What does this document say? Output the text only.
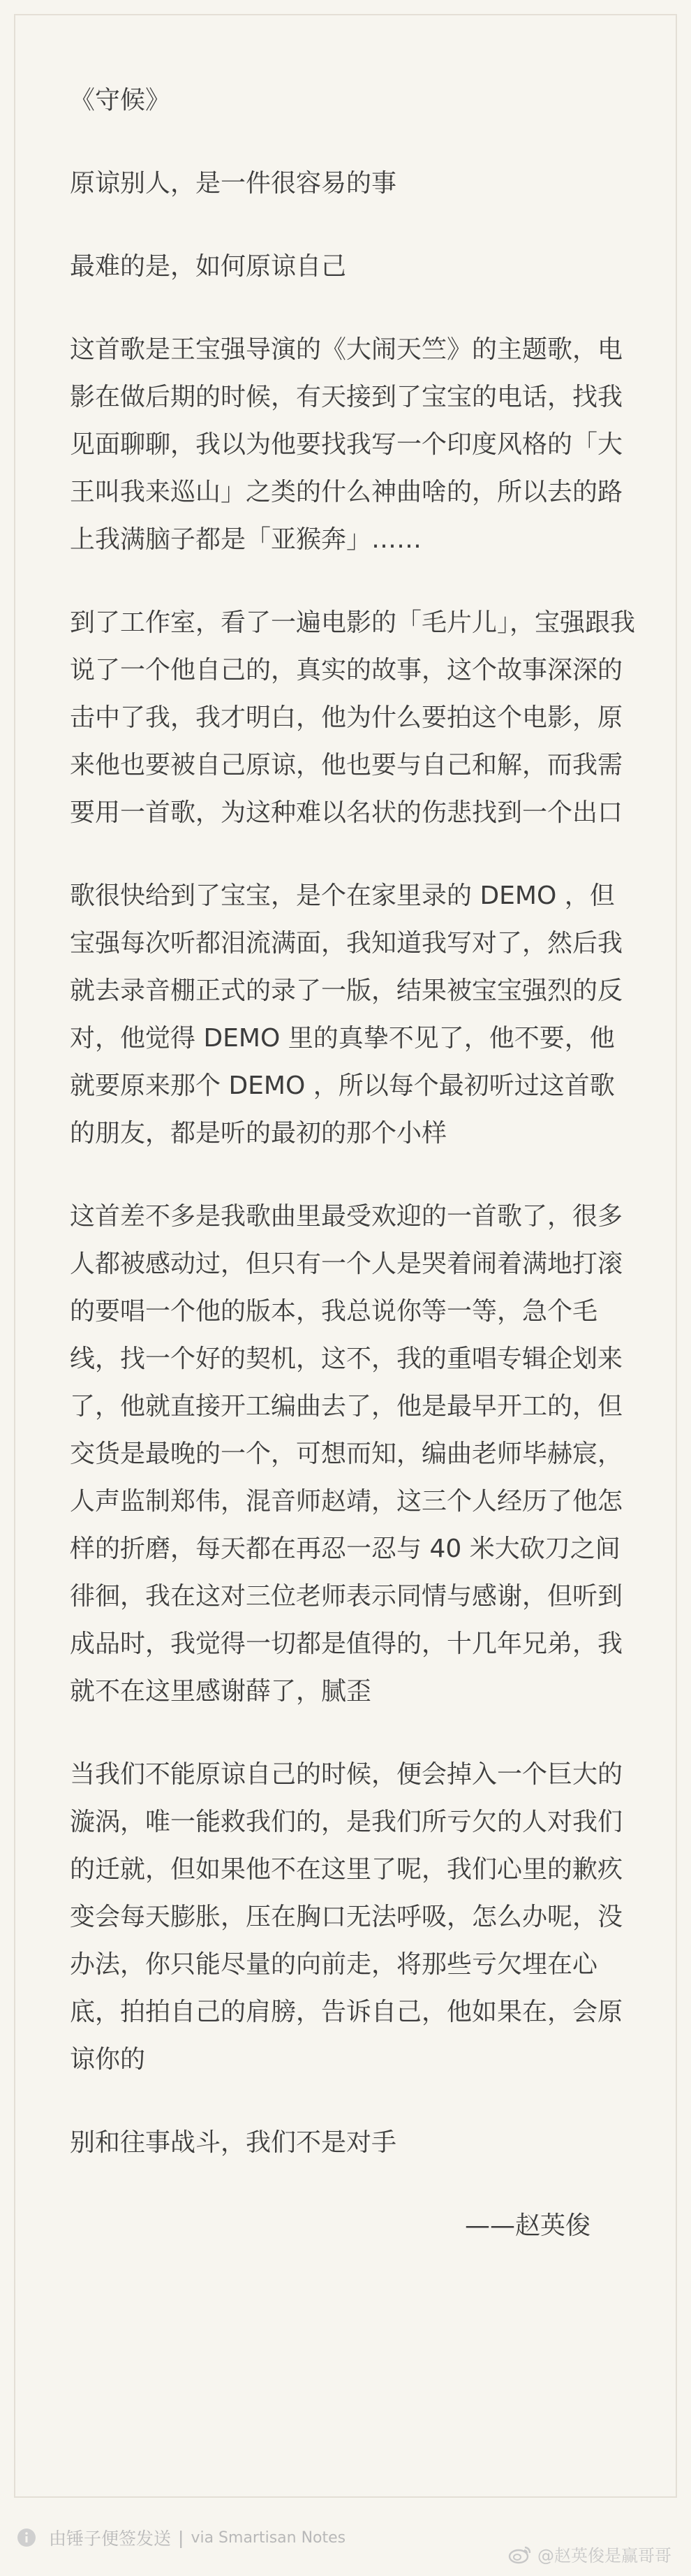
《守候》

原谅别人，是一件很容易的事

最难的是，如何原谅自己

这首歌是王宝强导演的《大闹天竺》的主题歌，电影在做后期的时候，有天接到了宝宝的电话，找我见面聊聊，我以为他要找我写一个印度风格的「大王叫我来巡山」之类的什么神曲啥的，所以去的路上我满脑子都是「亚猴奔」……

到了工作室，看了一遍电影的「毛片儿」，宝强跟我说了一个他自己的，真实的故事，这个故事深深的击中了我，我才明白，他为什么要拍这个电影，原来他也要被自己原谅，他也要与自己和解，而我需要用一首歌，为这种难以名状的伤悲找到一个出口

歌很快给到了宝宝，是个在家里录的 DEMO ，但宝强每次听都泪流满面，我知道我写对了，然后我就去录音棚正式的录了一版，结果被宝宝强烈的反对，他觉得 DEMO 里的真挚不见了，他不要，他就要原来那个 DEMO ，所以每个最初听过这首歌的朋友，都是听的最初的那个小样

这首差不多是我歌曲里最受欢迎的一首歌了，很多人都被感动过，但只有一个人是哭着闹着满地打滚的要唱一个他的版本，我总说你等一等，急个毛线，找一个好的契机，这不，我的重唱专辑企划来了，他就直接开工编曲去了，他是最早开工的，但交货是最晚的一个，可想而知，编曲老师毕赫宸，人声监制郑伟，混音师赵靖，这三个人经历了他怎样的折磨，每天都在再忍一忍与 40 米大砍刀之间徘徊，我在这对三位老师表示同情与感谢，但听到成品时，我觉得一切都是值得的，十几年兄弟，我就不在这里感谢薛了，腻歪

当我们不能原谅自己的时候，便会掉入一个巨大的漩涡，唯一能救我们的，是我们所亏欠的人对我们的迁就，但如果他不在这里了呢，我们心里的歉疚变会每天膨胀，压在胸口无法呼吸，怎么办呢，没办法，你只能尽量的向前走，将那些亏欠埋在心底，拍拍自己的肩膀，告诉自己，他如果在，会原谅你的

别和往事战斗，我们不是对手

——赵英俊

由锤子便签发送 | via Smartisan Notes
@赵英俊是赢哥哥
